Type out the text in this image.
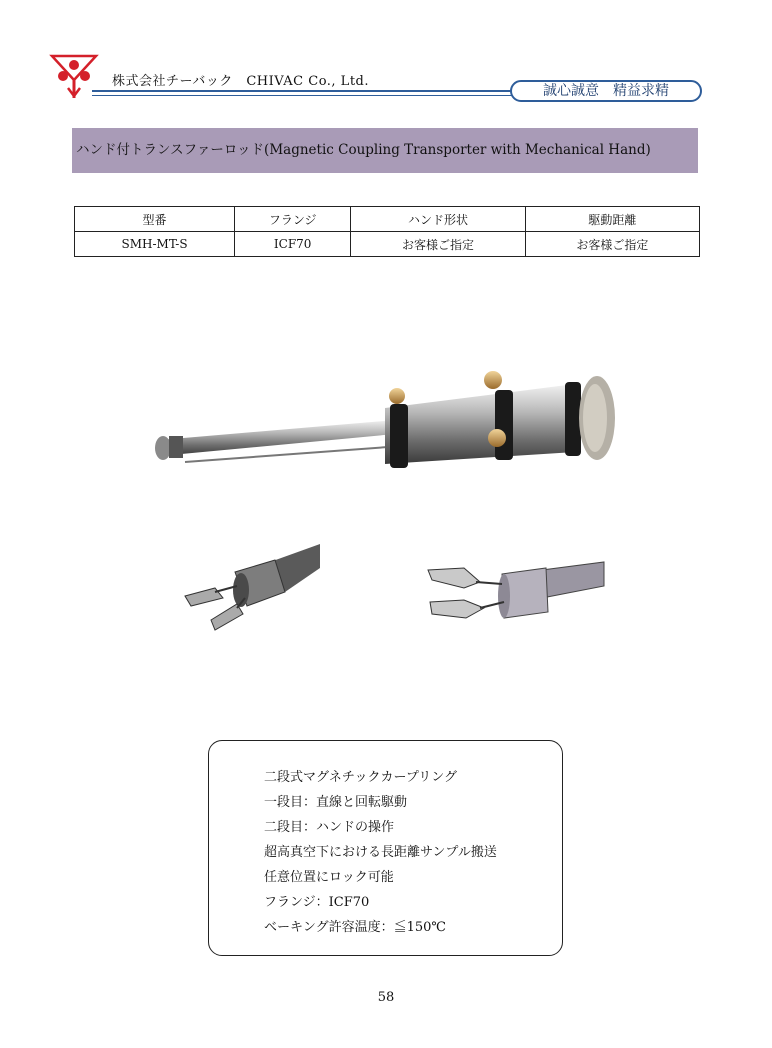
株式会社チーバック　CHIVAC Co., Ltd.
誠心誠意　精益求精
ハンド付トランスファーロッド(Magnetic Coupling Transporter with Mechanical Hand)
型番	フランジ	ハンド形状	駆動距離
SMH-MT-S	ICF70	お客様ご指定	お客様ご指定
二段式マグネチックカープリング
一段目：直線と回転駆動
二段目：ハンドの操作
超高真空下における長距離サンプル搬送
任意位置にロック可能
フランジ：ICF70
ベーキング許容温度：≦150℃
58
